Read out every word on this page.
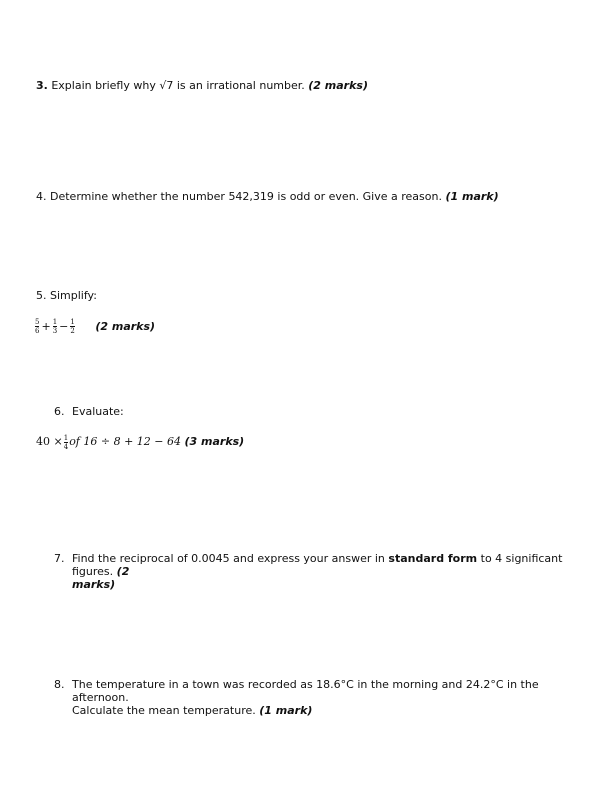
3. Explain briefly why √7 is an irrational number. (2 marks)
4. Determine whether the number 542,319 is odd or even. Give a reason. (1 mark)
5. Simplify:
$\frac{5}{6} + \frac{1}{3} - \frac{1}{2} (2$ marks)
6. Evaluate:
$40 \times \frac{1}{4}$ of 16 ÷ 8 + 12 − 64 (3 marks)
7. Find the reciprocal of 0.0045 and express your answer in standard form to 4 significant figures. (2
marks)
8. The temperature in a town was recorded as 18.6°C in the morning and 24.2°C in the afternoon.
Calculate the mean temperature. (1 mark)
